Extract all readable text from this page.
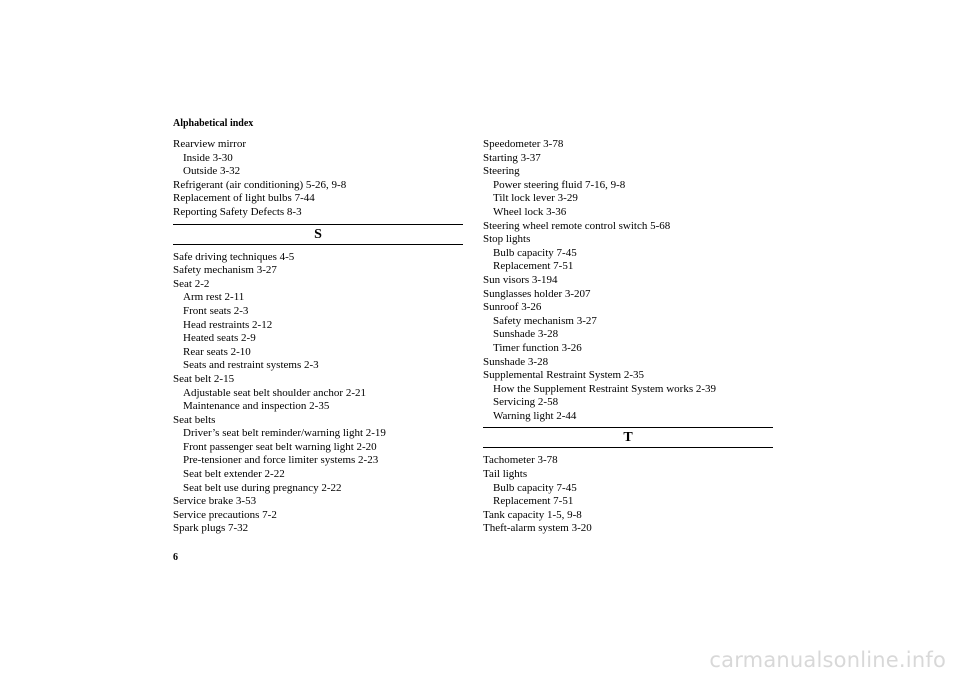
Alphabetical index
Rearview mirror
Inside 3-30
Outside 3-32
Refrigerant (air conditioning) 5-26, 9-8
Replacement of light bulbs 7-44
Reporting Safety Defects 8-3
S
Safe driving techniques 4-5
Safety mechanism 3-27
Seat 2-2
Arm rest 2-11
Front seats 2-3
Head restraints 2-12
Heated seats 2-9
Rear seats 2-10
Seats and restraint systems 2-3
Seat belt 2-15
Adjustable seat belt shoulder anchor 2-21
Maintenance and inspection 2-35
Seat belts
Driver’s seat belt reminder/warning light 2-19
Front passenger seat belt warning light 2-20
Pre-tensioner and force limiter systems 2-23
Seat belt extender 2-22
Seat belt use during pregnancy 2-22
Service brake 3-53
Service precautions 7-2
Spark plugs 7-32
Speedometer 3-78
Starting 3-37
Steering
Power steering fluid 7-16, 9-8
Tilt lock lever 3-29
Wheel lock 3-36
Steering wheel remote control switch 5-68
Stop lights
Bulb capacity 7-45
Replacement 7-51
Sun visors 3-194
Sunglasses holder 3-207
Sunroof 3-26
Safety mechanism 3-27
Sunshade 3-28
Timer function 3-26
Sunshade 3-28
Supplemental Restraint System 2-35
How the Supplement Restraint System works 2-39
Servicing 2-58
Warning light 2-44
T
Tachometer 3-78
Tail lights
Bulb capacity 7-45
Replacement 7-51
Tank capacity 1-5, 9-8
Theft-alarm system 3-20
6
carmanualsonline.info
